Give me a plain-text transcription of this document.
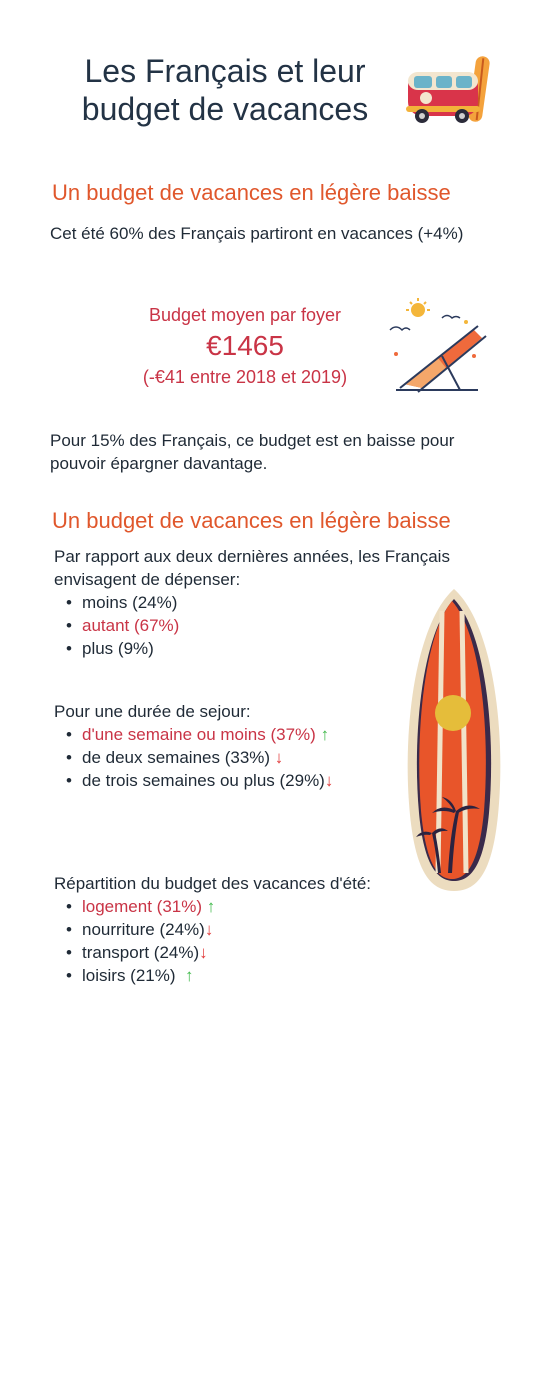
Les Français et leur budget de vacances
Un budget de vacances en légère baisse
Cet été 60% des Français partiront en vacances (+4%)
Budget moyen par foyer
€1465
(-€41 entre 2018 et 2019)
Pour 15% des Français, ce budget est en baisse pour pouvoir épargner davantage.
Un budget de vacances en légère baisse
Par rapport aux deux dernières années, les Français envisagent de dépenser:
• moins (24%)
• autant (67%)
• plus (9%)
Pour une durée de sejour:
• d'une semaine ou moins (37%) ↑
• de deux semaines (33%) ↓
• de trois semaines ou plus (29%)↓
Répartition du budget des vacances d'été:
• logement (31%) ↑
• nourriture (24%)↓
• transport (24%)↓
• loisirs (21%) ↑
